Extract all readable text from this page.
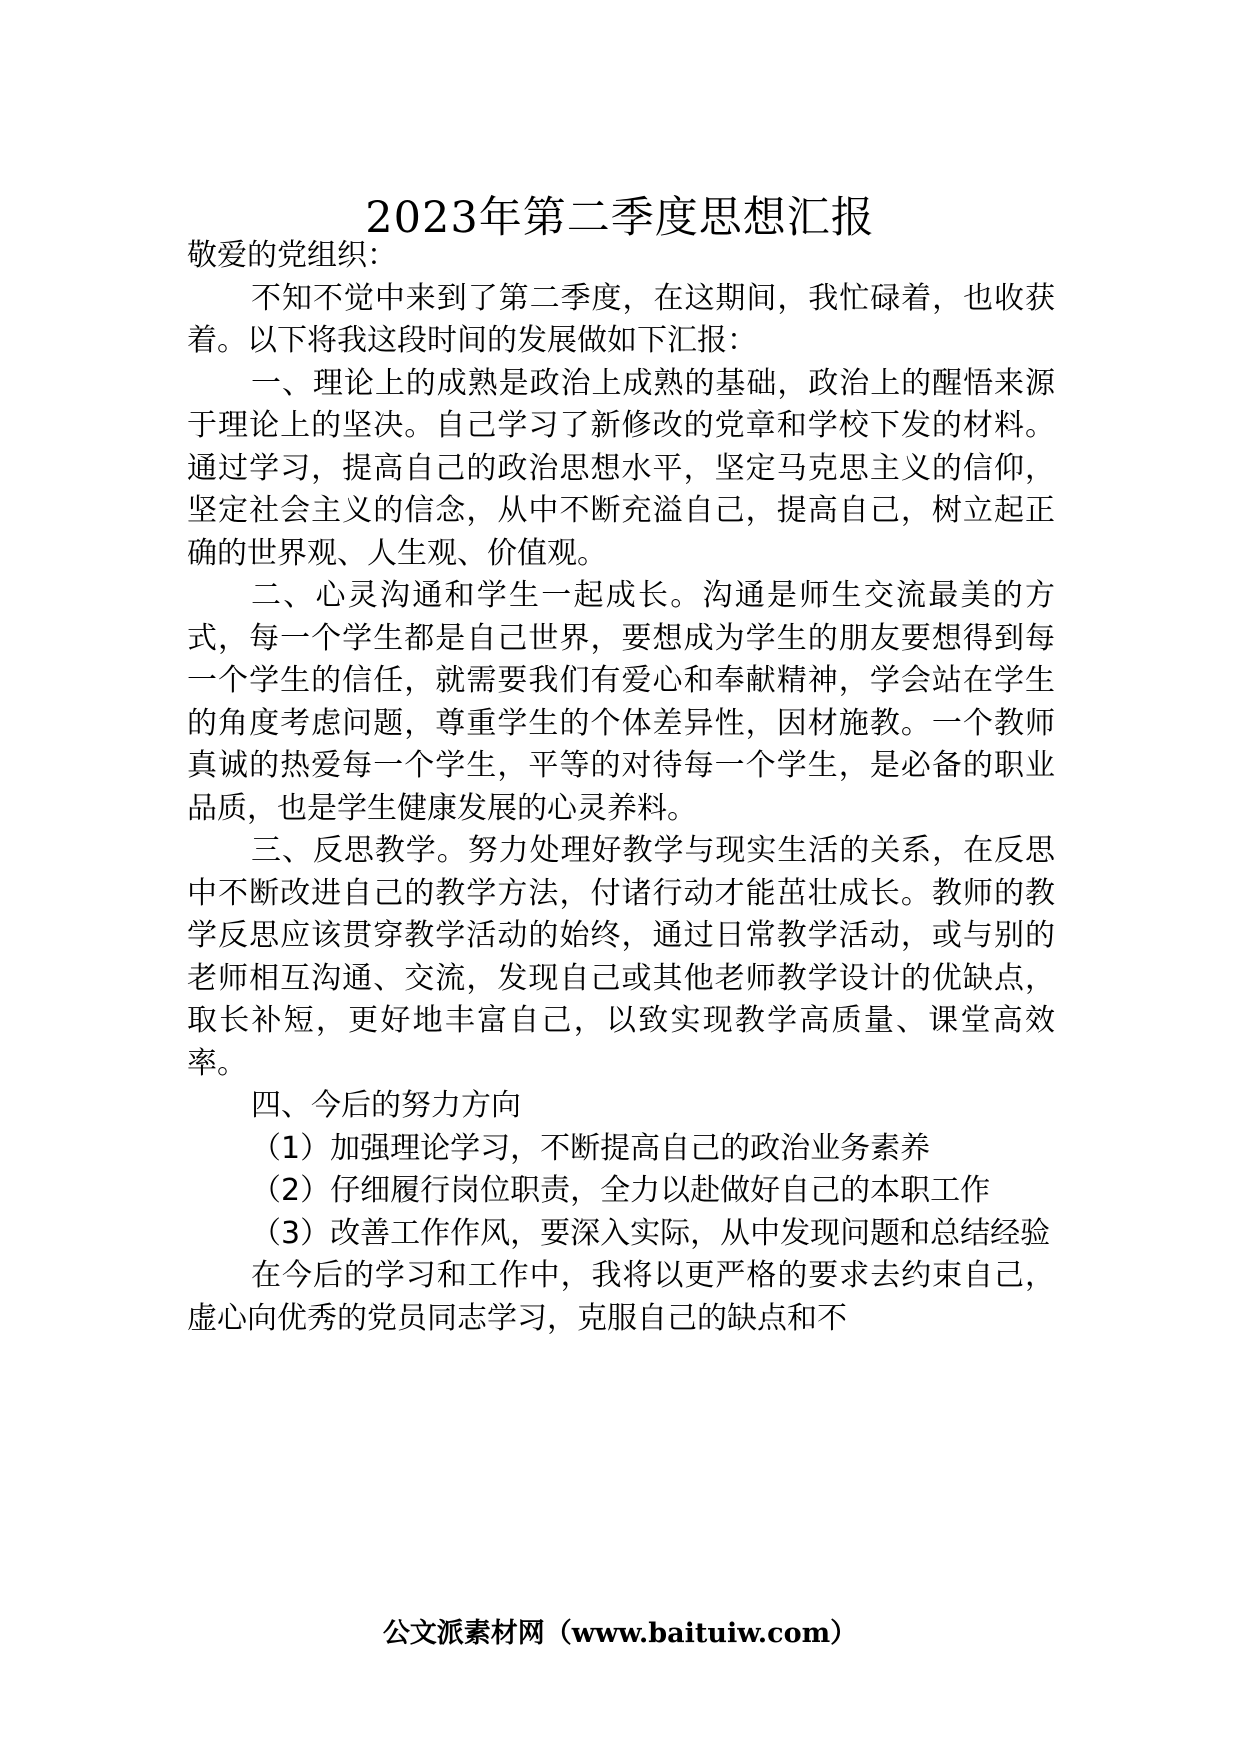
2023年第二季度思想汇报

敬爱的党组织：

不知不觉中来到了第二季度，在这期间，我忙碌着，也收获着。以下将我这段时间的发展做如下汇报：

一、理论上的成熟是政治上成熟的基础，政治上的醒悟来源于理论上的坚决。自己学习了新修改的党章和学校下发的材料。通过学习，提高自己的政治思想水平，坚定马克思主义的信仰，坚定社会主义的信念，从中不断充溢自己，提高自己，树立起正确的世界观、人生观、价值观。

二、心灵沟通和学生一起成长。沟通是师生交流最美的方式，每一个学生都是自己世界，要想成为学生的朋友要想得到每一个学生的信任，就需要我们有爱心和奉献精神，学会站在学生的角度考虑问题，尊重学生的个体差异性，因材施教。一个教师真诚的热爱每一个学生，平等的对待每一个学生，是必备的职业品质，也是学生健康发展的心灵养料。

三、反思教学。努力处理好教学与现实生活的关系，在反思中不断改进自己的教学方法，付诸行动才能茁壮成长。教师的教学反思应该贯穿教学活动的始终，通过日常教学活动，或与别的老师相互沟通、交流，发现自己或其他老师教学设计的优缺点，取长补短，更好地丰富自己，以致实现教学高质量、课堂高效率。

四、今后的努力方向

（1）加强理论学习，不断提高自己的政治业务素养

（2）仔细履行岗位职责，全力以赴做好自己的本职工作

（3）改善工作作风，要深入实际，从中发现问题和总结经验

在今后的学习和工作中，我将以更严格的要求去约束自己，虚心向优秀的党员同志学习，克服自己的缺点和不

公文派素材网（www.baituiw.com）
